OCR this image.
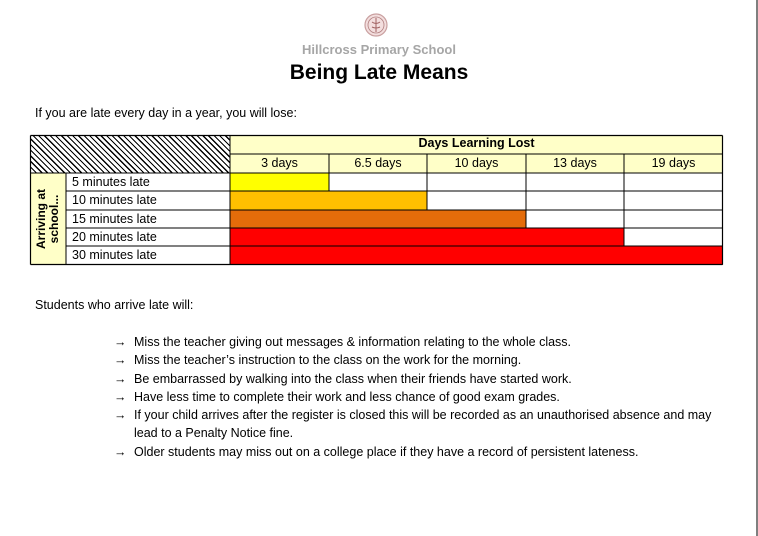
Hillcross Primary School
Being Late Means
If you are late every day in a year, you will lose:
Days Learning Lost
3 days	6.5 days	10 days	13 days	19 days
Arriving at school...
5 minutes late
10 minutes late
15 minutes late
20 minutes late
30 minutes late
Students who arrive late will:
→ Miss the teacher giving out messages & information relating to the whole class.
→ Miss the teacher’s instruction to the class on the work for the morning.
→ Be embarrassed by walking into the class when their friends have started work.
→ Have less time to complete their work and less chance of good exam grades.
→ If your child arrives after the register is closed this will be recorded as an unauthorised absence and may lead to a Penalty Notice fine.
→ Older students may miss out on a college place if they have a record of persistent lateness.
